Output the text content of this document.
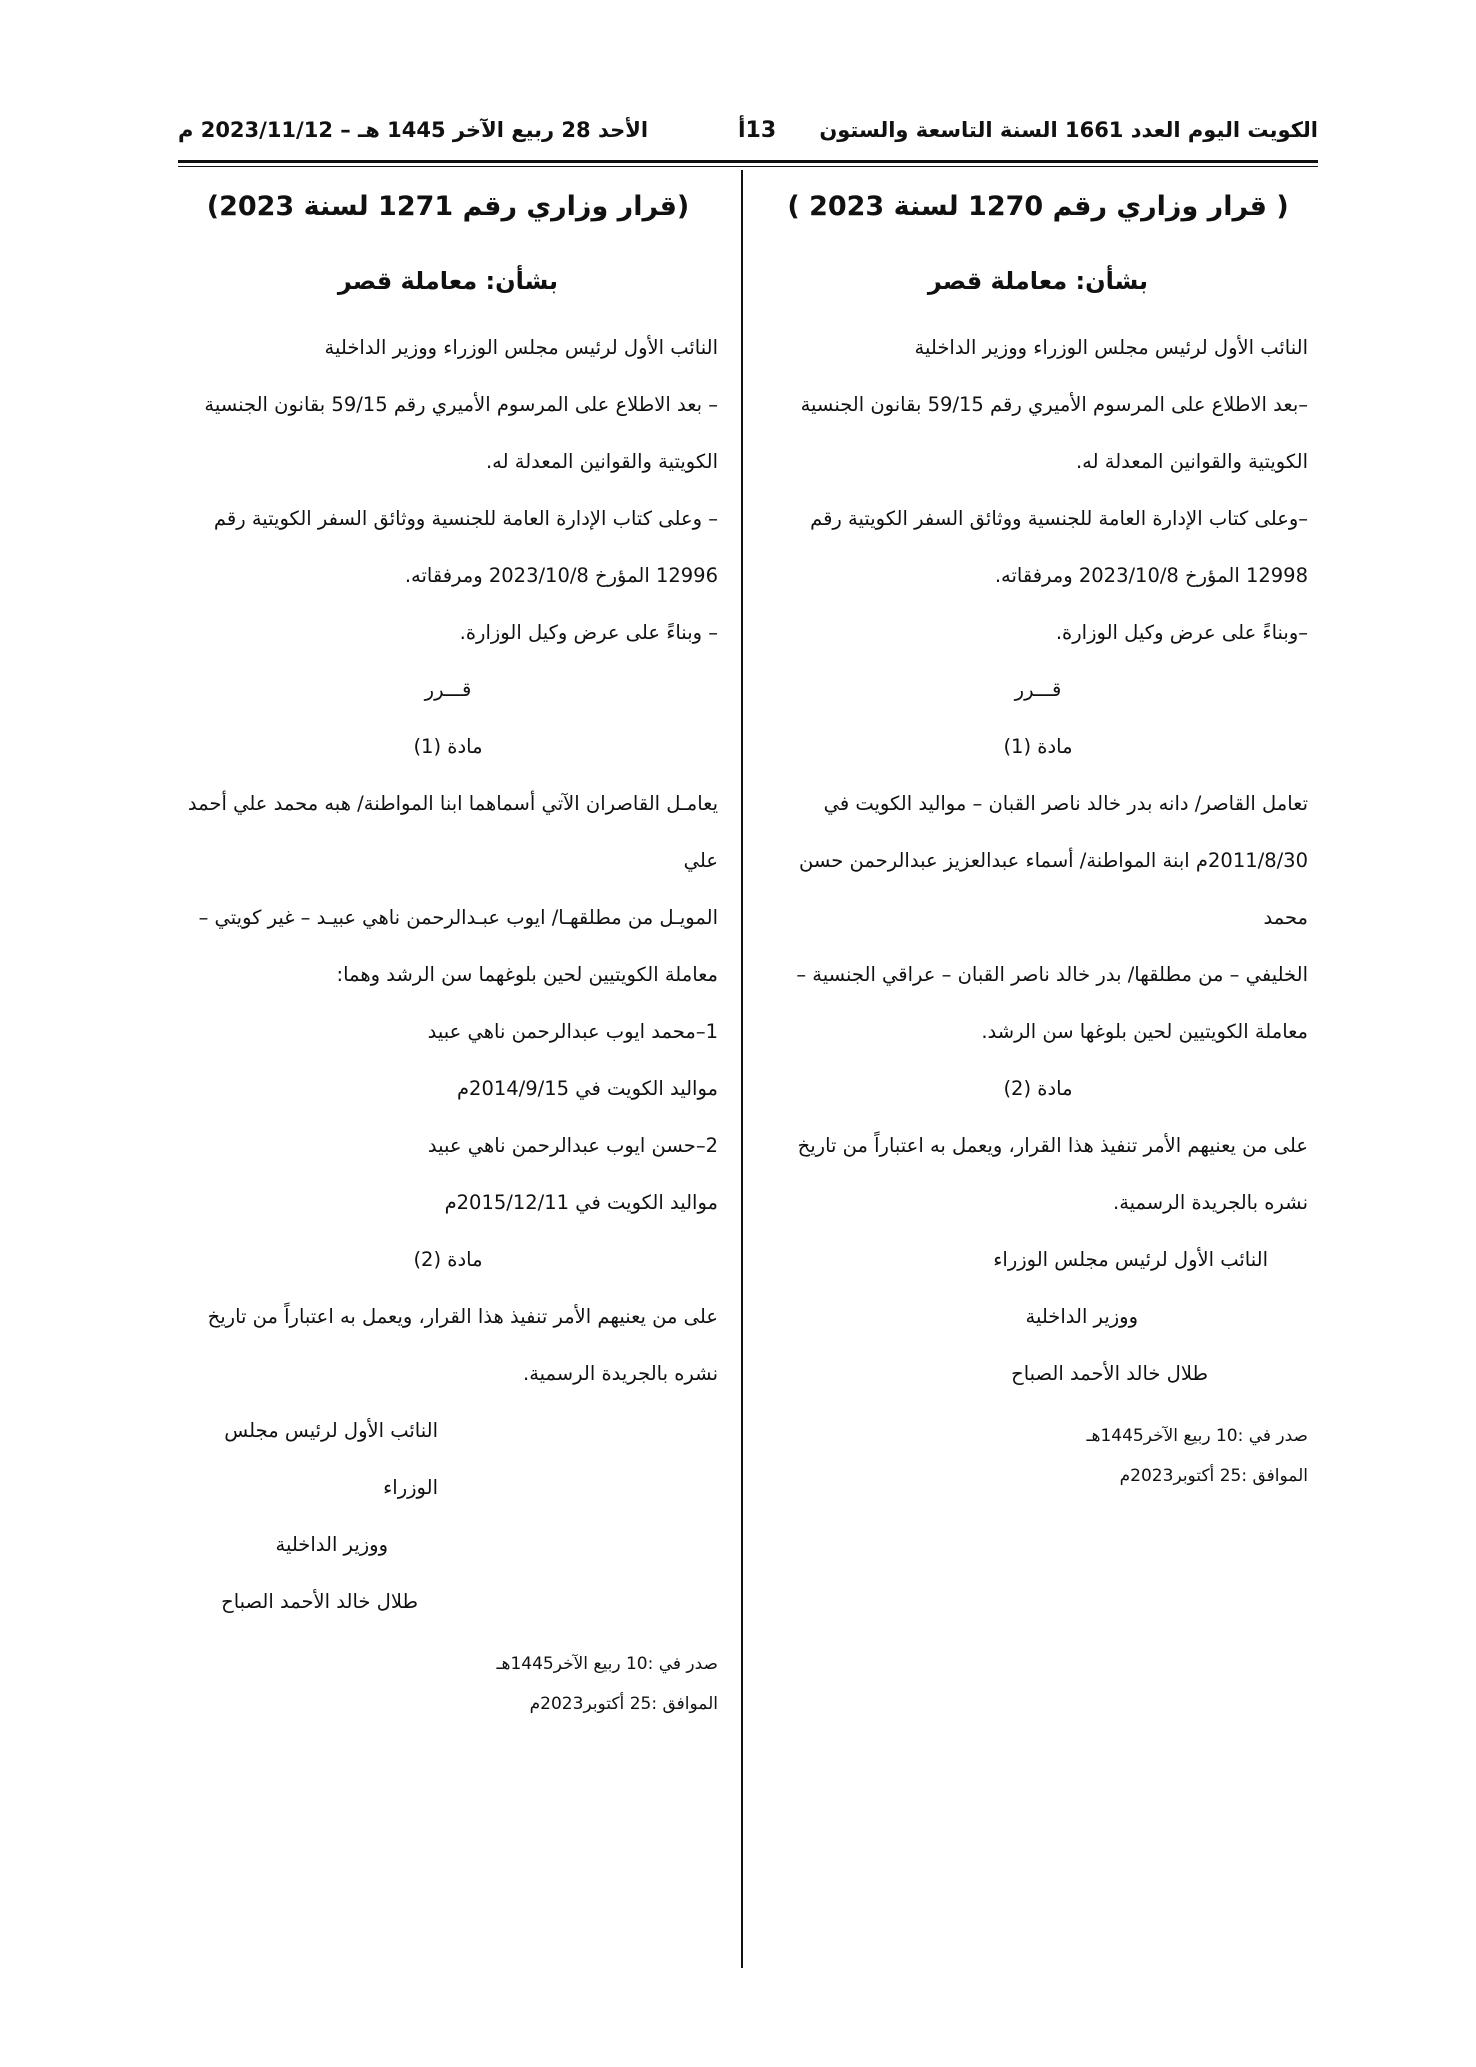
الكويت اليوم العدد 1661 السنة التاسعة والستون
13أ
الأحد 28 ربيع الآخر 1445 هـ – 2023/11/12 م

( قرار وزاري رقم 1270 لسنة 2023 )

بشأن: معاملة قصر

النائب الأول لرئيس مجلس الوزراء ووزير الداخلية

–بعد الاطلاع على المرسوم الأميري رقم 59/15 بقانون الجنسية

الكويتية والقوانين المعدلة له.

–وعلى كتاب الإدارة العامة للجنسية ووثائق السفر الكويتية رقم

12998 المؤرخ 2023/10/8 ومرفقاته.

–وبناءً على عرض وكيل الوزارة.

قـــرر

مادة (1)

تعامل القاصر/ دانه بدر خالد ناصر القبان – مواليد الكويت في

2011/8/30م ابنة المواطنة/ أسماء عبدالعزيز عبدالرحمن حسن محمد

الخليفي – من مطلقها/ بدر خالد ناصر القبان – عراقي الجنسية –

معاملة الكويتيين لحين بلوغها سن الرشد.

مادة (2)

على من يعنيهم الأمر تنفيذ هذا القرار، ويعمل به اعتباراً من تاريخ

نشره بالجريدة الرسمية.

النائب الأول لرئيس مجلس الوزراء

ووزير الداخلية

طلال خالد الأحمد الصباح

صدر في :10 ربيع الآخر1445هـ

الموافق :25 أكتوبر2023م

(قرار وزاري رقم 1271 لسنة 2023)

بشأن: معاملة قصر

النائب الأول لرئيس مجلس الوزراء ووزير الداخلية

– بعد الاطلاع على المرسوم الأميري رقم 59/15 بقانون الجنسية

الكويتية والقوانين المعدلة له.

– وعلى كتاب الإدارة العامة للجنسية ووثائق السفر الكويتية رقم

12996 المؤرخ 2023/10/8 ومرفقاته.

– وبناءً على عرض وكيل الوزارة.

قـــرر

مادة (1)

يعامـل القاصران الآتي أسماهما ابنا المواطنة/ هبه محمد علي أحمد علي

المويـل من مطلقهـا/ ايوب عبـدالرحمن ناهي عبيـد – غير كويتي –

معاملة الكويتيين لحين بلوغهما سن الرشد وهما:

1–محمد ايوب عبدالرحمن ناهي عبيد

مواليد الكويت في 2014/9/15م

2–حسن ايوب عبدالرحمن ناهي عبيد

مواليد الكويت في 2015/12/11م

مادة (2)

على من يعنيهم الأمر تنفيذ هذا القرار، ويعمل به اعتباراً من تاريخ

نشره بالجريدة الرسمية.

النائب الأول لرئيس مجلس الوزراء

ووزير الداخلية

طلال خالد الأحمد الصباح

صدر في :10 ربيع الآخر1445هـ

الموافق :25 أكتوبر2023م
